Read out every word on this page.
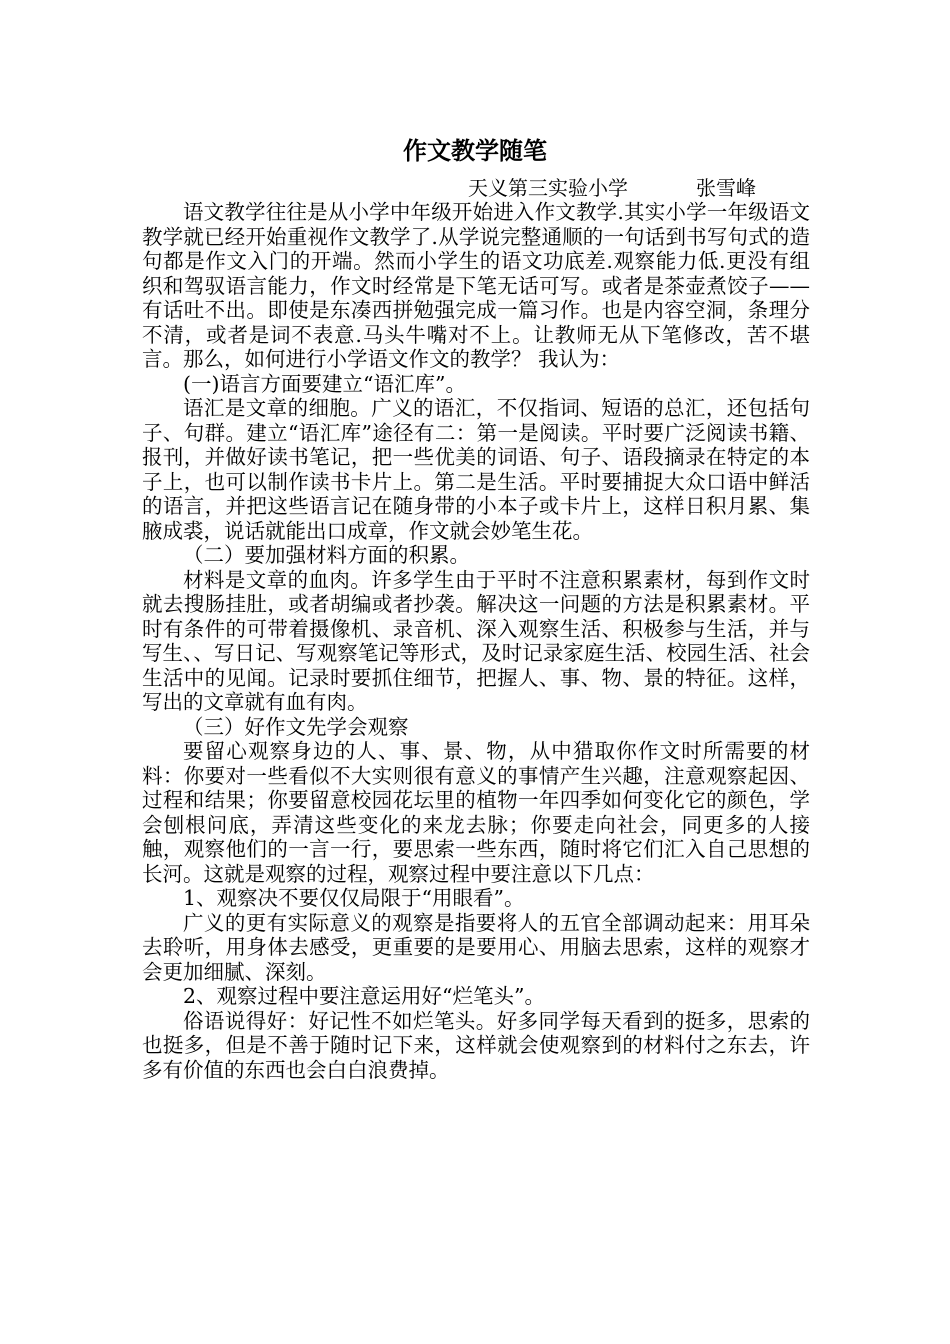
作文教学随笔
天义第三实验小学	张雪峰

语文教学往往是从小学中年级开始进入作文教学.其实小学一年级语文教学就已经开始重视作文教学了.从学说完整通顺的一句话到书写句式的造句都是作文入门的开端。然而小学生的语文功底差.观察能力低.更没有组织和驾驭语言能力，作文时经常是下笔无话可写。或者是茶壶煮饺子——有话吐不出。即使是东凑西拼勉强完成一篇习作。也是内容空洞，条理分不清，或者是词不表意.马头牛嘴对不上。让教师无从下笔修改，苦不堪言。那么，如何进行小学语文作文的教学？ 我认为：

(一)语言方面要建立“语汇库”。

语汇是文章的细胞。广义的语汇，不仅指词、短语的总汇，还包括句子、句群。建立“语汇库”途径有二：第一是阅读。平时要广泛阅读书籍、报刊，并做好读书笔记，把一些优美的词语、句子、语段摘录在特定的本子上，也可以制作读书卡片上。第二是生活。平时要捕捉大众口语中鲜活的语言，并把这些语言记在随身带的小本子或卡片上，这样日积月累、集腋成裘，说话就能出口成章，作文就会妙笔生花。

（二）要加强材料方面的积累。

材料是文章的血肉。许多学生由于平时不注意积累素材，每到作文时就去搜肠挂肚，或者胡编或者抄袭。解决这一问题的方法是积累素材。平时有条件的可带着摄像机、录音机、深入观察生活、积极参与生活，并与写生、、写日记、写观察笔记等形式，及时记录家庭生活、校园生活、社会生活中的见闻。记录时要抓住细节，把握人、事、物、景的特征。这样，写出的文章就有血有肉。

（三）好作文先学会观察

要留心观察身边的人、事、景、物，从中猎取你作文时所需要的材料：你要对一些看似不大实则很有意义的事情产生兴趣，注意观察起因、过程和结果；你要留意校园花坛里的植物一年四季如何变化它的颜色，学会刨根问底，弄清这些变化的来龙去脉；你要走向社会，同更多的人接触，观察他们的一言一行，要思索一些东西，随时将它们汇入自己思想的长河。这就是观察的过程，观察过程中要注意以下几点：

1、观察决不要仅仅局限于“用眼看”。

广义的更有实际意义的观察是指要将人的五官全部调动起来：用耳朵去聆听，用身体去感受，更重要的是要用心、用脑去思索，这样的观察才会更加细腻、深刻。

2、观察过程中要注意运用好“烂笔头”。

俗语说得好：好记性不如烂笔头。好多同学每天看到的挺多，思索的也挺多，但是不善于随时记下来，这样就会使观察到的材料付之东去，许多有价值的东西也会白白浪费掉。
